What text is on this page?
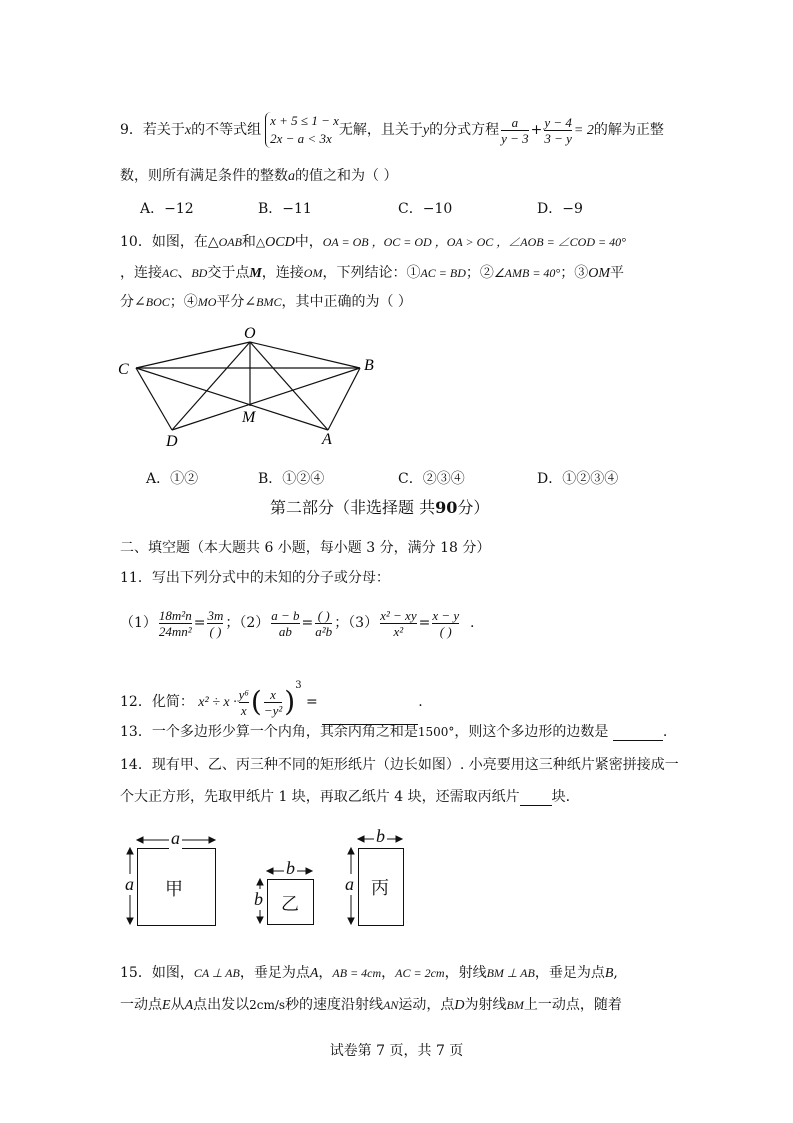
9．若关于x的不等式组
x + 5 ≤ 1 − x
2x − a < 3x
无解，且关于y的分式方程 $\frac{a}{y - 3} + \frac{y - 4}{3 - y} = 2$的解为正整
数，则所有满足条件的整数a的值之和为（ ）
A．−12	B．−11	C．−10	D．−9
10．如图，在△OAB和△OCD中，OA = OB ，OC = OD ，OA > OC ，∠AOB = ∠COD = 40°
，连接AC、BD交于点M，连接OM，下列结论：①AC = BD；②∠AMB = 40°；③OM平
分∠BOC；④MO平分∠BMC，其中正确的为（ ）
O
C	B
M
D	A
A．①②	B．①②④	C．②③④	D．①②③④
第二部分（非选择题 共90分）
二、填空题（本大题共 6 小题，每小题 3 分，满分 18 分）
11．写出下列分式中的未知的分子或分母：
$(1) \frac{\text{18m²n}}{\text{24mn²}} = \frac{3m}{( )}$ ；$(2) \frac{a - b}{ab} = \frac{( )}{\text{a²b}}$ ；$(3) \frac{\text{x² − xy}}{\text{x²}} = \frac{x - y}{( )}$ .
12．化简： $x^2 \div x \cdot \frac{\text{y⁶}}{x}$ ( $\frac{x}{\text{−y²}} )^3$ =	.
13．一个多边形少算一个内角，其余内角之和是1500°，则这个多边形的边数是	.
14．现有甲、乙、丙三种不同的矩形纸片（边长如图）. 小亮要用这三种纸片紧密拼接成一
个大正方形，先取甲纸片 1 块，再取乙纸片 4 块，还需取丙纸片 块.
甲
a
a
乙
b
b	丙
b
a
15．如图，CA ⊥ AB，垂足为点A，AB = 4cm，AC = 2cm，射线BM ⊥ AB，垂足为点B,
一动点E从A点出发以2cm/s秒的速度沿射线AN运动，点D为射线BM上一动点，随着
试卷第 7 页，共 7 页
